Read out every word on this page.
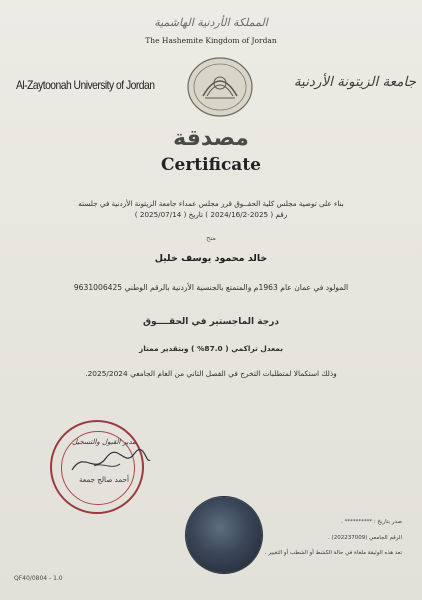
المملكة الأردنية الهاشمية
The Hashemite Kingdom of Jordan
Al-Zaytoonah University of Jordan	جامعة الزيتونة الأردنية
مصدقة
Certificate
بناء على توصية مجلس كلية الحقــوق قرر مجلس عمداء جامعة الزيتونة الأردنية في جلسته
رقم ( 2025-2024/16/2 ) تاريخ ( 2025/07/14 )
منح
خالد محمود يوسف خليل
المولود في عمان عام 1963م والمتمتع بالجنسية الأردنية بالرقم الوطني 9631006425
درجة الماجستير في الحقــــوق
بمعدل تراكمي ( 87.0% ) وبتقدير ممتاز
وذلك استكمالا لمتطلبات التخرج في الفصل الثاني من العام الجامعي 2025/2024.
مدير القبول والتسجيل
أحمد صالح جمعة
صدر بتاريخ : ********** .
الرقم الجامعي (202237009) .
تعد هذه الوثيقة ملغاة في حالة الكشط أو الشطب أو التغيير .
QF40/0804 - 1.0
